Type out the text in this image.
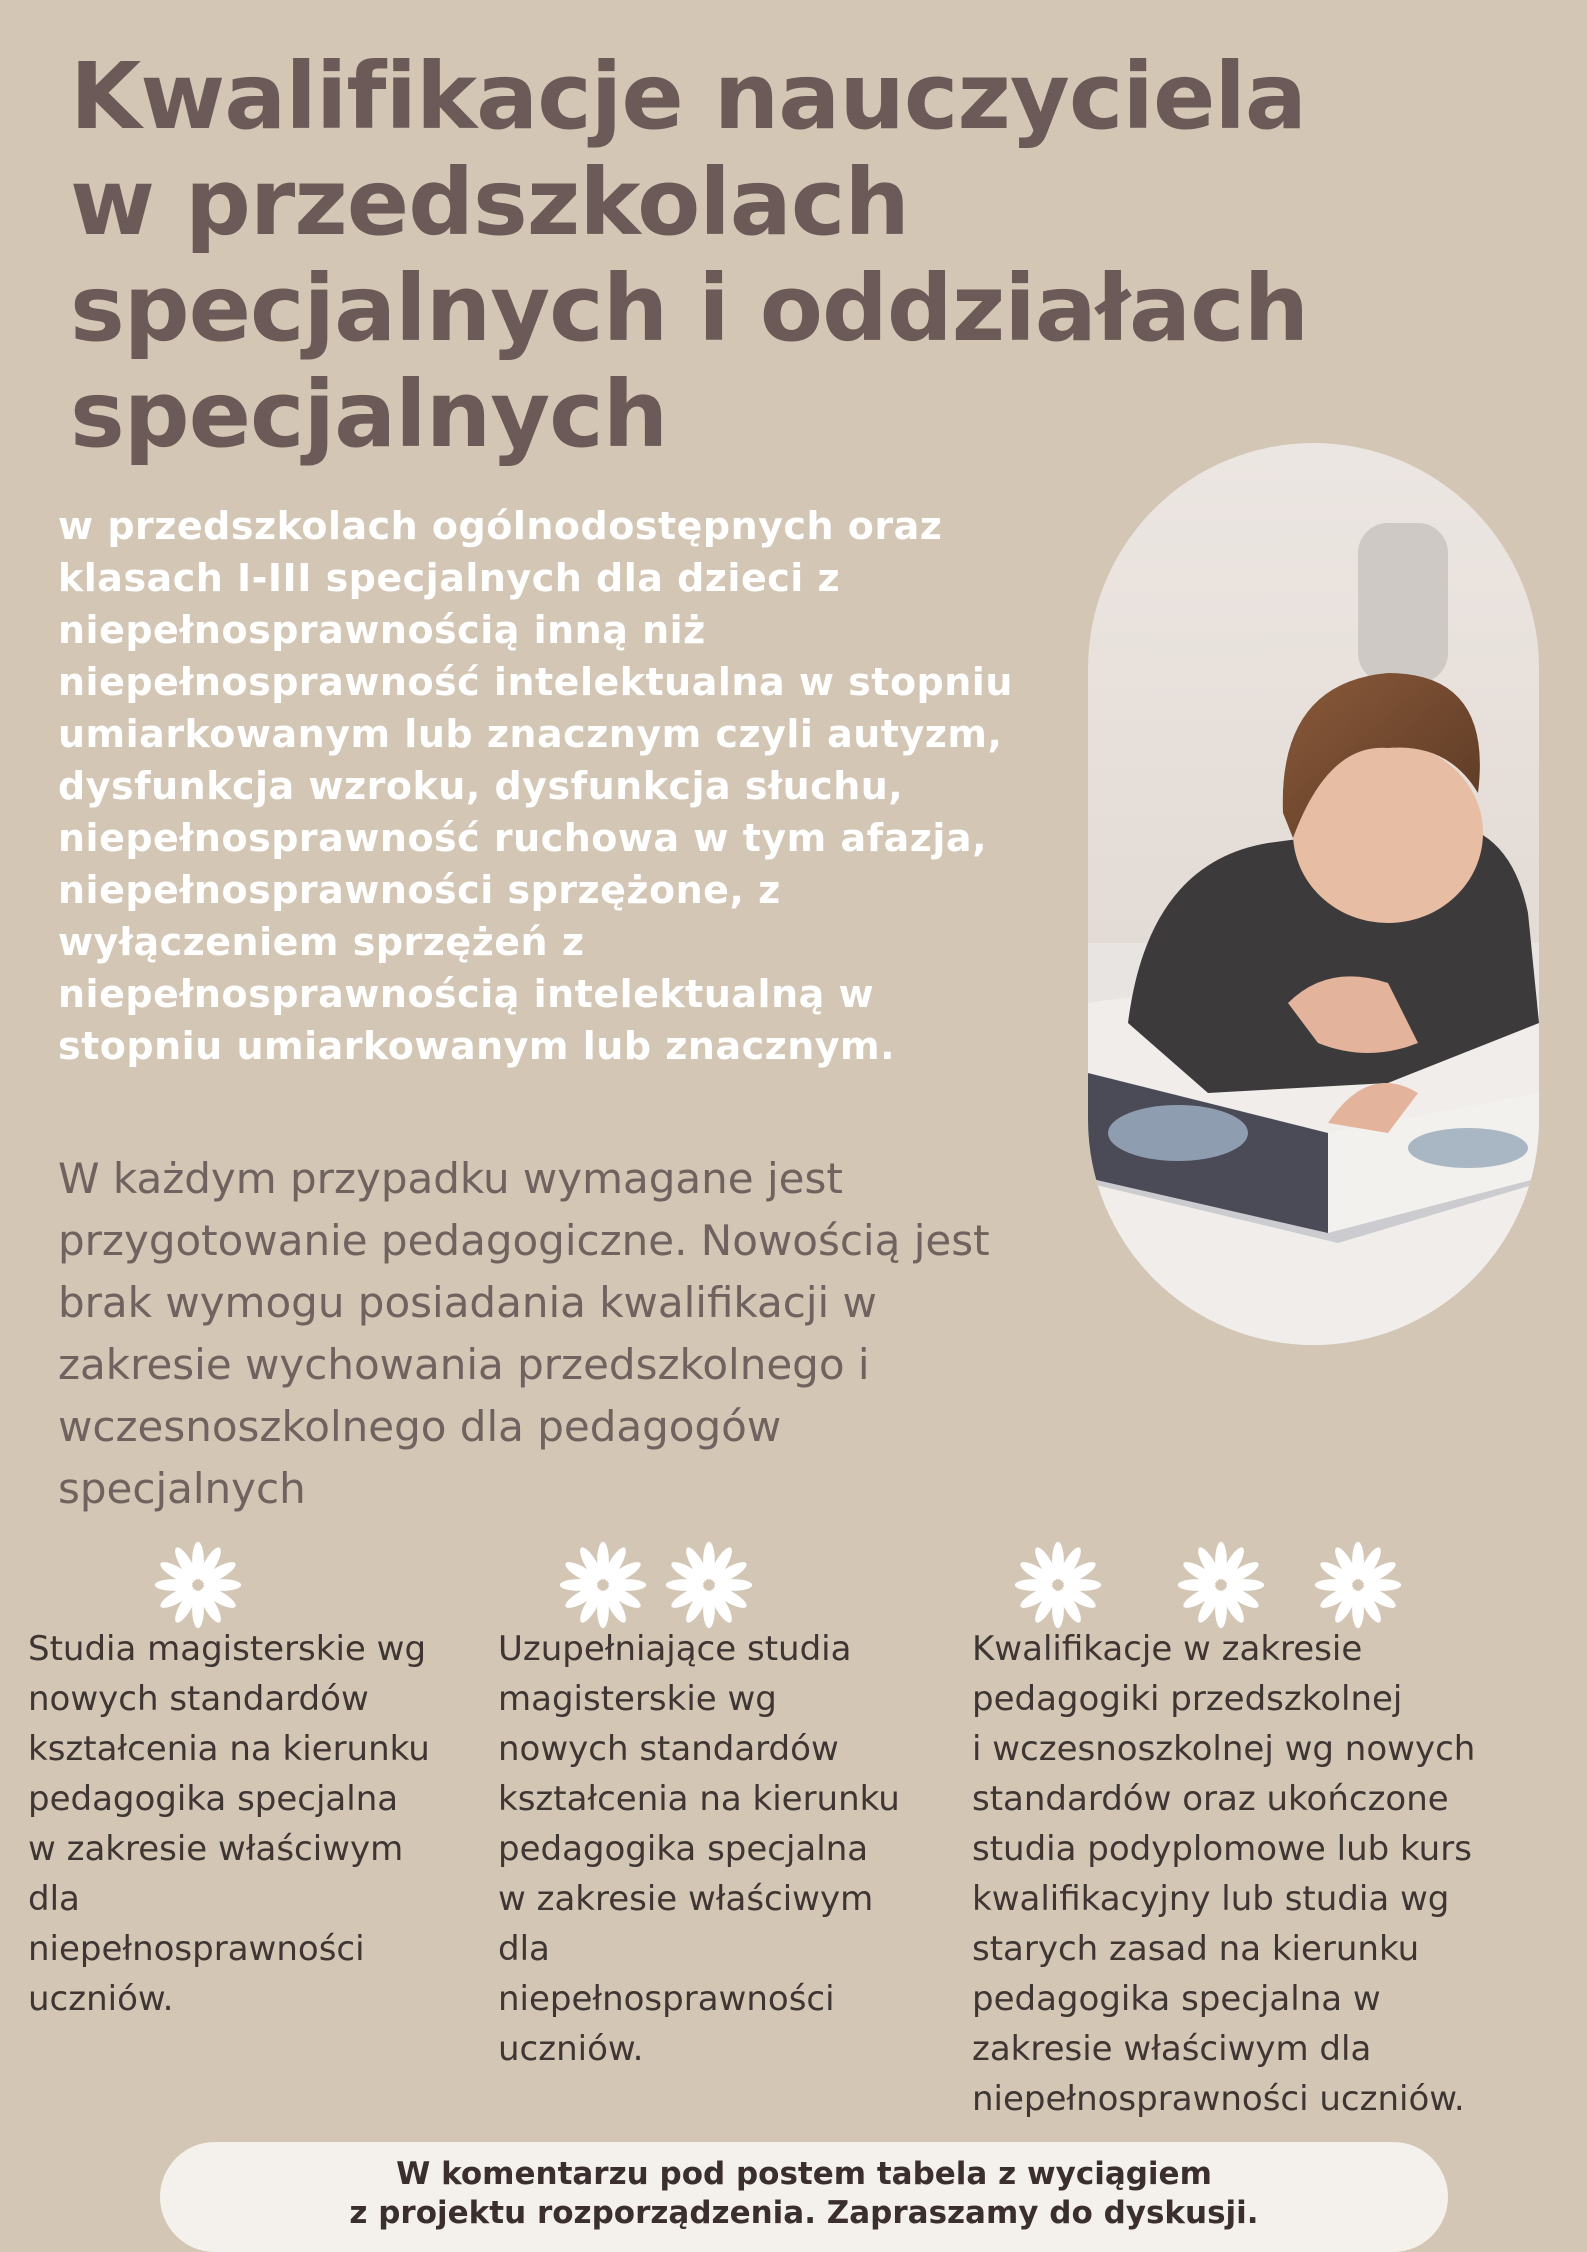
Kwalifikacje nauczyciela
w przedszkolach
specjalnych i oddziałach
specjalnych

w przedszkolach ogólnodostępnych oraz
klasach I-III specjalnych dla dzieci z
niepełnosprawnością inną niż
niepełnosprawność intelektualna w stopniu
umiarkowanym lub znacznym czyli autyzm,
dysfunkcja wzroku, dysfunkcja słuchu,
niepełnosprawność ruchowa w tym afazja,
niepełnosprawności sprzężone, z
wyłączeniem sprzężeń z
niepełnosprawnością intelektualną w
stopniu umiarkowanym lub znacznym.

W każdym przypadku wymagane jest
przygotowanie pedagogiczne. Nowością jest
brak wymogu posiadania kwalifikacji w
zakresie wychowania przedszkolnego i
wczesnoszkolnego dla pedagogów
specjalnych

Studia magisterskie wg
nowych standardów
kształcenia na kierunku
pedagogika specjalna
w zakresie właściwym
dla
niepełnosprawności
uczniów.

Uzupełniające studia
magisterskie wg
nowych standardów
kształcenia na kierunku
pedagogika specjalna
w zakresie właściwym
dla
niepełnosprawności
uczniów.

Kwalifikacje w zakresie
pedagogiki przedszkolnej
i wczesnoszkolnej wg nowych
standardów oraz ukończone
studia podyplomowe lub kurs
kwalifikacyjny lub studia wg
starych zasad na kierunku
pedagogika specjalna w
zakresie właściwym dla
niepełnosprawności uczniów.

W komentarzu pod postem tabela z wyciągiem
z projektu rozporządzenia. Zapraszamy do dyskusji.
